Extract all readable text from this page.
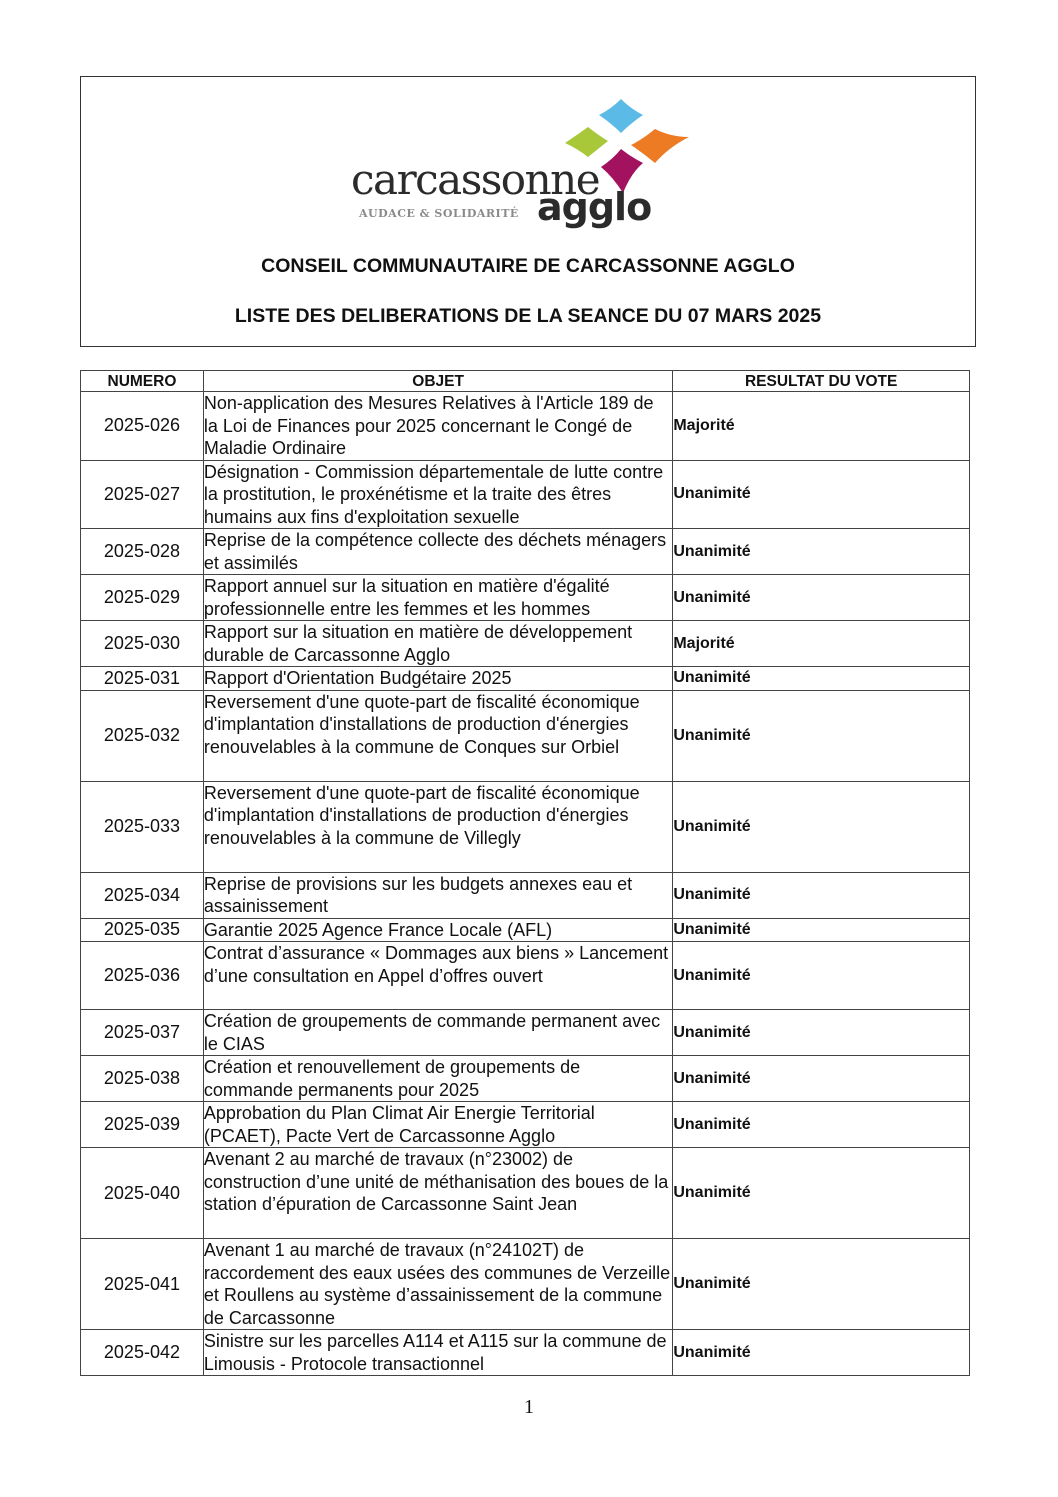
carcassonne
AUDACE & SOLIDARITÉ agglo
CONSEIL COMMUNAUTAIRE DE CARCASSONNE AGGLO
LISTE DES DELIBERATIONS DE LA SEANCE DU 07 MARS 2025
NUMERO	OBJET	RESULTAT DU VOTE
2025-026	Non-application des Mesures Relatives à l'Article 189 de la Loi de Finances pour 2025 concernant le Congé de Maladie Ordinaire	Majorité
2025-027	Désignation - Commission départementale de lutte contre la prostitution, le proxénétisme et la traite des êtres humains aux fins d'exploitation sexuelle	Unanimité
2025-028	Reprise de la compétence collecte des déchets ménagers et assimilés	Unanimité
2025-029	Rapport annuel sur la situation en matière d'égalité professionnelle entre les femmes et les hommes	Unanimité
2025-030	Rapport sur la situation en matière de développement durable de Carcassonne Agglo	Majorité
2025-031	Rapport d'Orientation Budgétaire 2025	Unanimité
2025-032	Reversement d'une quote-part de fiscalité économique d'implantation d'installations de production d'énergies renouvelables à la commune de Conques sur Orbiel	Unanimité
2025-033	Reversement d'une quote-part de fiscalité économique d'implantation d'installations de production d'énergies renouvelables à la commune de Villegly	Unanimité
2025-034	Reprise de provisions sur les budgets annexes eau et assainissement	Unanimité
2025-035	Garantie 2025 Agence France Locale (AFL)	Unanimité
2025-036	Contrat d’assurance « Dommages aux biens » Lancement d’une consultation en Appel d’offres ouvert	Unanimité
2025-037	Création de groupements de commande permanent avec le CIAS	Unanimité
2025-038	Création et renouvellement de groupements de commande permanents pour 2025	Unanimité
2025-039	Approbation du Plan Climat Air Energie Territorial (PCAET), Pacte Vert de Carcassonne Agglo	Unanimité
2025-040	Avenant 2 au marché de travaux (n°23002) de construction d’une unité de méthanisation des boues de la station d’épuration de Carcassonne Saint Jean	Unanimité
2025-041	Avenant 1 au marché de travaux (n°24102T) de raccordement des eaux usées des communes de Verzeille et Roullens au système d’assainissement de la commune de Carcassonne	Unanimité
2025-042	Sinistre sur les parcelles A114 et A115 sur la commune de Limousis - Protocole transactionnel	Unanimité
1
